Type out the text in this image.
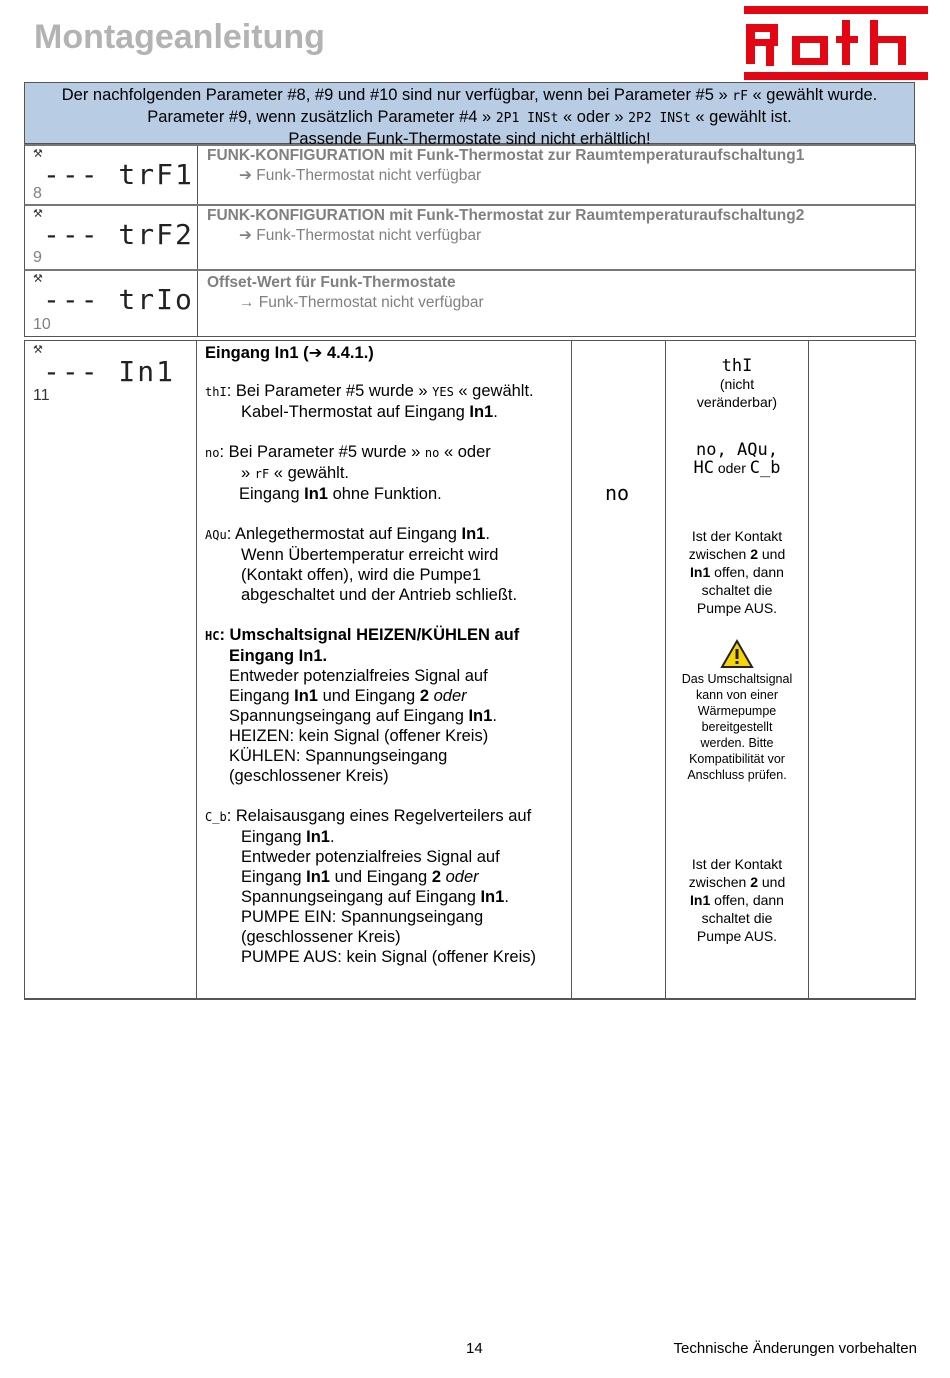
Montageanleitung
Der nachfolgenden Parameter #8, #9 und #10 sind nur verfügbar, wenn bei Parameter #5 » rF « gewählt wurde.
Parameter #9, wenn zusätzlich Parameter #4 » 2P1 INSt « oder » 2P2 INSt « gewählt ist.
Passende Funk-Thermostate sind nicht erhältlich!
⚒
--- trF1
8
FUNK-KONFIGURATION mit Funk-Thermostat zur Raumtemperaturaufschaltung1
➔ Funk-Thermostat nicht verfügbar
⚒
--- trF2
9
FUNK-KONFIGURATION mit Funk-Thermostat zur Raumtemperaturaufschaltung2
➔ Funk-Thermostat nicht verfügbar
⚒
--- trIo
10
Offset-Wert für Funk-Thermostate
→ Funk-Thermostat nicht verfügbar
⚒
--- In1
11
Eingang In1 (➔ 4.4.1.)
thI: Bei Parameter #5 wurde » YES « gewählt.
Kabel-Thermostat auf Eingang In1.
no: Bei Parameter #5 wurde » no « oder
» rF « gewählt.
Eingang In1 ohne Funktion.
AQu: Anlegethermostat auf Eingang In1.
Wenn Übertemperatur erreicht wird
(Kontakt offen), wird die Pumpe1
abgeschaltet und der Antrieb schließt.
HC: Umschaltsignal HEIZEN/KÜHLEN auf
Eingang In1.
Entweder potenzialfreies Signal auf
Eingang In1 und Eingang 2 oder
Spannungseingang auf Eingang In1.
HEIZEN: kein Signal (offener Kreis)
KÜHLEN: Spannungseingang
(geschlossener Kreis)
C_b: Relaisausgang eines Regelverteilers auf
Eingang In1.
Entweder potenzialfreies Signal auf
Eingang In1 und Eingang 2 oder
Spannungseingang auf Eingang In1.
PUMPE EIN: Spannungseingang
(geschlossener Kreis)
PUMPE AUS: kein Signal (offener Kreis)
no
thI
(nicht
veränderbar)
no, AQu,
HC oder C_b
Ist der Kontakt
zwischen 2 und
In1 offen, dann
schaltet die
Pumpe AUS.
Das Umschaltsignal
kann von einer
Wärmepumpe
bereitgestellt
werden. Bitte
Kompatibilität vor
Anschluss prüfen.
Ist der Kontakt
zwischen 2 und
In1 offen, dann
schaltet die
Pumpe AUS.
14	Technische Änderungen vorbehalten
